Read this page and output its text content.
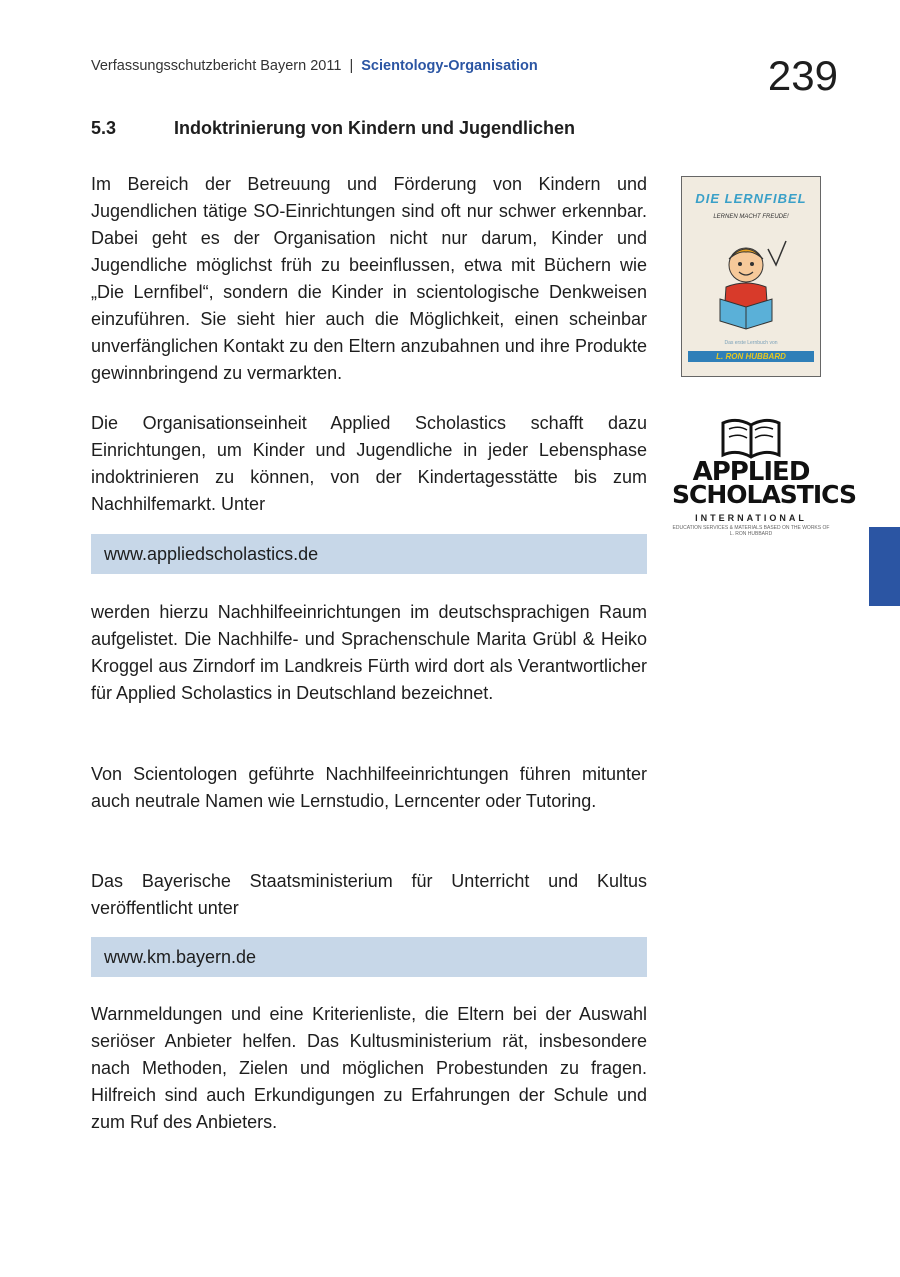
Verfassungsschutzbericht Bayern 2011 | Scientology-Organisation	239
5.3	Indoktrinierung von Kindern und Jugendlichen

Im Bereich der Betreuung und Förderung von Kindern und Jugendlichen tätige SO-Einrichtungen sind oft nur schwer erkennbar. Dabei geht es der Organisation nicht nur darum, Kinder und Jugendliche möglichst früh zu beeinflussen, etwa mit Büchern wie „Die Lernfibel“, sondern die Kinder in scientologische Denkweisen einzuführen. Sie sieht hier auch die Möglichkeit, einen scheinbar unverfänglichen Kontakt zu den Eltern anzubahnen und ihre Produkte gewinnbringend zu vermarkten.

Die Organisationseinheit Applied Scholastics schafft dazu Einrichtungen, um Kinder und Jugendliche in jeder Lebensphase indoktrinieren zu können, von der Kindertagesstätte bis zum Nachhilfemarkt. Unter

www.appliedscholastics.de

werden hierzu Nachhilfeeinrichtungen im deutschsprachigen Raum aufgelistet. Die Nachhilfe- und Sprachenschule Marita Grübl & Heiko Kroggel aus Zirndorf im Landkreis Fürth wird dort als Verantwortlicher für Applied Scholastics in Deutschland bezeichnet.

Von Scientologen geführte Nachhilfeeinrichtungen führen mitunter auch neutrale Namen wie Lernstudio, Lerncenter oder Tutoring.

Das Bayerische Staatsministerium für Unterricht und Kultus veröffentlicht unter

www.km.bayern.de

Warnmeldungen und eine Kriterienliste, die Eltern bei der Auswahl seriöser Anbieter helfen. Das Kultusministerium rät, insbesondere nach Methoden, Zielen und möglichen Probestunden zu fragen. Hilfreich sind auch Erkundigungen zu Erfahrungen der Schule und zum Ruf des Anbieters.

DIE LERNFIBEL
LERNEN MACHT FREUDE!
Das erste Lernbuch von
L. RON HUBBARD
APPLIED
SCHOLASTICS
INTERNATIONAL
EDUCATION SERVICES & MATERIALS BASED ON THE WORKS OF L. RON HUBBARD
